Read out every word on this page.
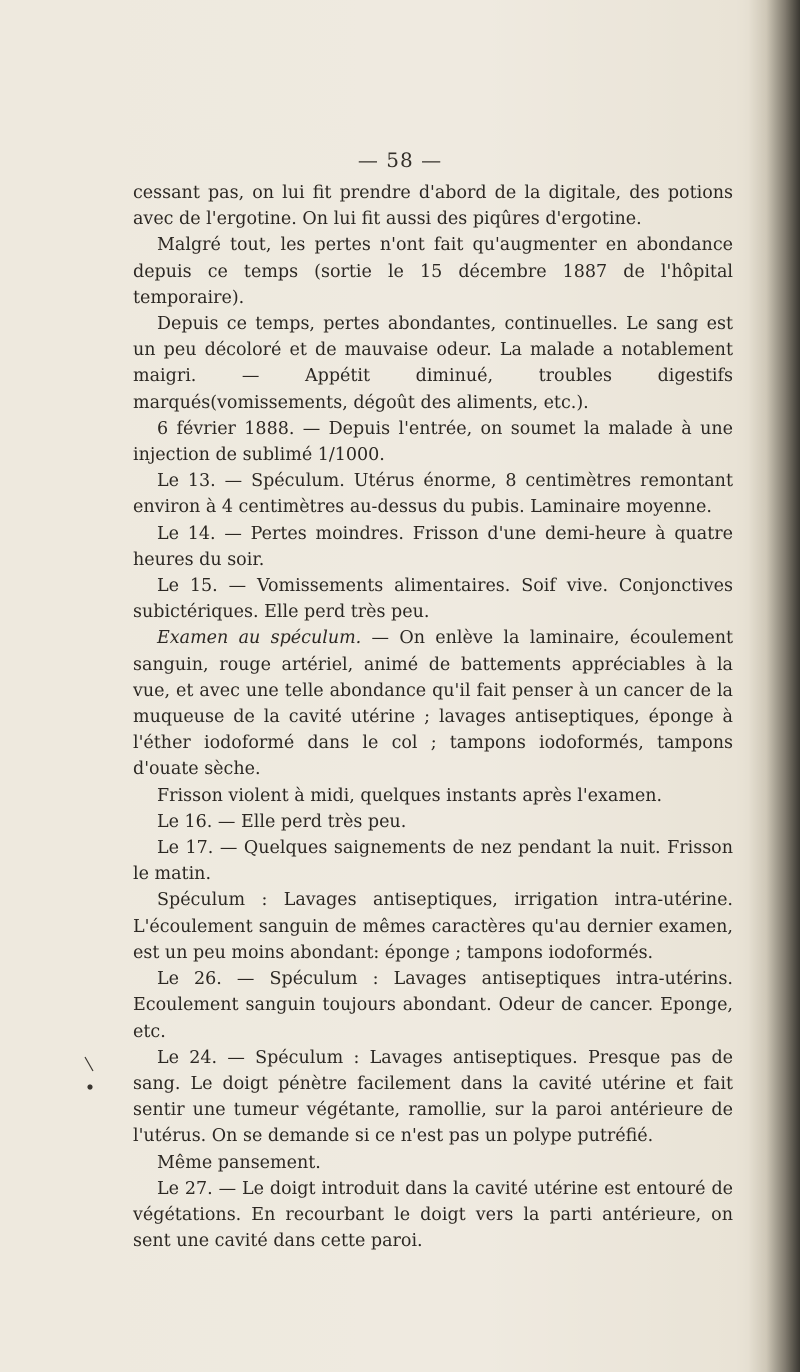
— 58 —

cessant pas, on lui fit prendre d'abord de la digitale, des potions avec de l'ergotine. On lui fit aussi des piqûres d'ergotine.

Malgré tout, les pertes n'ont fait qu'augmenter en abondance depuis ce temps (sortie le 15 décembre 1887 de l'hôpital temporaire).

Depuis ce temps, pertes abondantes, continuelles. Le sang est un peu décoloré et de mauvaise odeur. La malade a notablement maigri. — Appétit diminué, troubles digestifs marqués(vomissements, dégoût des aliments, etc.).

6 février 1888. — Depuis l'entrée, on soumet la malade à une injection de sublimé 1/1000.

Le 13. — Spéculum. Utérus énorme, 8 centimètres remontant environ à 4 centimètres au-dessus du pubis. Laminaire moyenne.

Le 14. — Pertes moindres. Frisson d'une demi-heure à quatre heures du soir.

Le 15. — Vomissements alimentaires. Soif vive. Conjonctives subictériques. Elle perd très peu.

Examen au spéculum. — On enlève la laminaire, écoulement sanguin, rouge artériel, animé de battements appréciables à la vue, et avec une telle abondance qu'il fait penser à un cancer de la muqueuse de la cavité utérine ; lavages antiseptiques, éponge à l'éther iodoformé dans le col ; tampons iodoformés, tampons d'ouate sèche.

Frisson violent à midi, quelques instants après l'examen.

Le 16. — Elle perd très peu.

Le 17. — Quelques saignements de nez pendant la nuit. Frisson le matin.

Spéculum : Lavages antiseptiques, irrigation intra-utérine. L'écoulement sanguin de mêmes caractères qu'au dernier examen, est un peu moins abondant: éponge ; tampons iodoformés.

Le 26. — Spéculum : Lavages antiseptiques intra-utérins. Ecoulement sanguin toujours abondant. Odeur de cancer. Eponge, etc.

Le 24. — Spéculum : Lavages antiseptiques. Presque pas de sang. Le doigt pénètre facilement dans la cavité utérine et fait sentir une tumeur végétante, ramollie, sur la paroi antérieure de l'utérus. On se demande si ce n'est pas un polype putréfié.

Même pansement.

Le 27. — Le doigt introduit dans la cavité utérine est entouré de végétations. En recourbant le doigt vers la parti antérieure, on sent une cavité dans cette paroi.
